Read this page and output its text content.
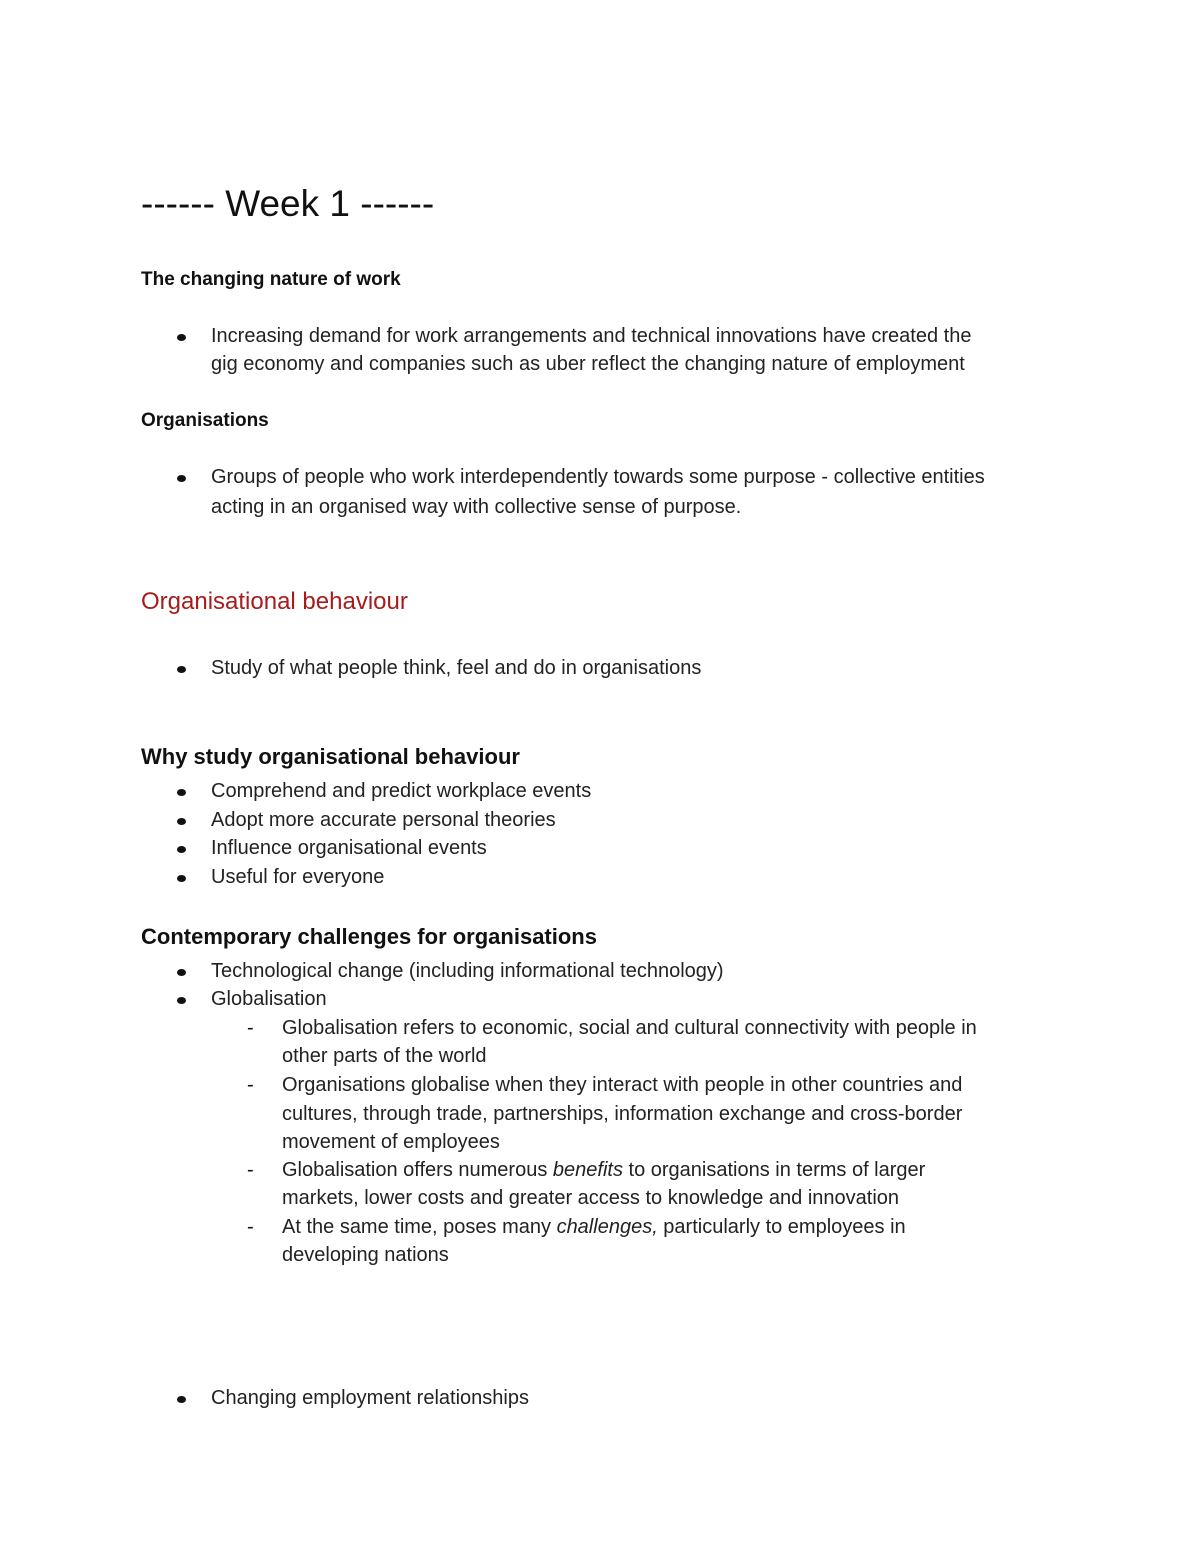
------ Week 1 ------
The changing nature of work
Increasing demand for work arrangements and technical innovations have created the
gig economy and companies such as uber reflect the changing nature of employment
Organisations
Groups of people who work interdependently towards some purpose - collective entities
acting in an organised way with collective sense of purpose.
Organisational behaviour
Study of what people think, feel and do in organisations
Why study organisational behaviour
Comprehend and predict workplace events
Adopt more accurate personal theories
Influence organisational events
Useful for everyone
Contemporary challenges for organisations
Technological change (including informational technology)
Globalisation
- Globalisation refers to economic, social and cultural connectivity with people in
other parts of the world
- Organisations globalise when they interact with people in other countries and
cultures, through trade, partnerships, information exchange and cross-border
movement of employees
- Globalisation offers numerous benefits to organisations in terms of larger
markets, lower costs and greater access to knowledge and innovation
- At the same time, poses many challenges, particularly to employees in
developing nations
Changing employment relationships
